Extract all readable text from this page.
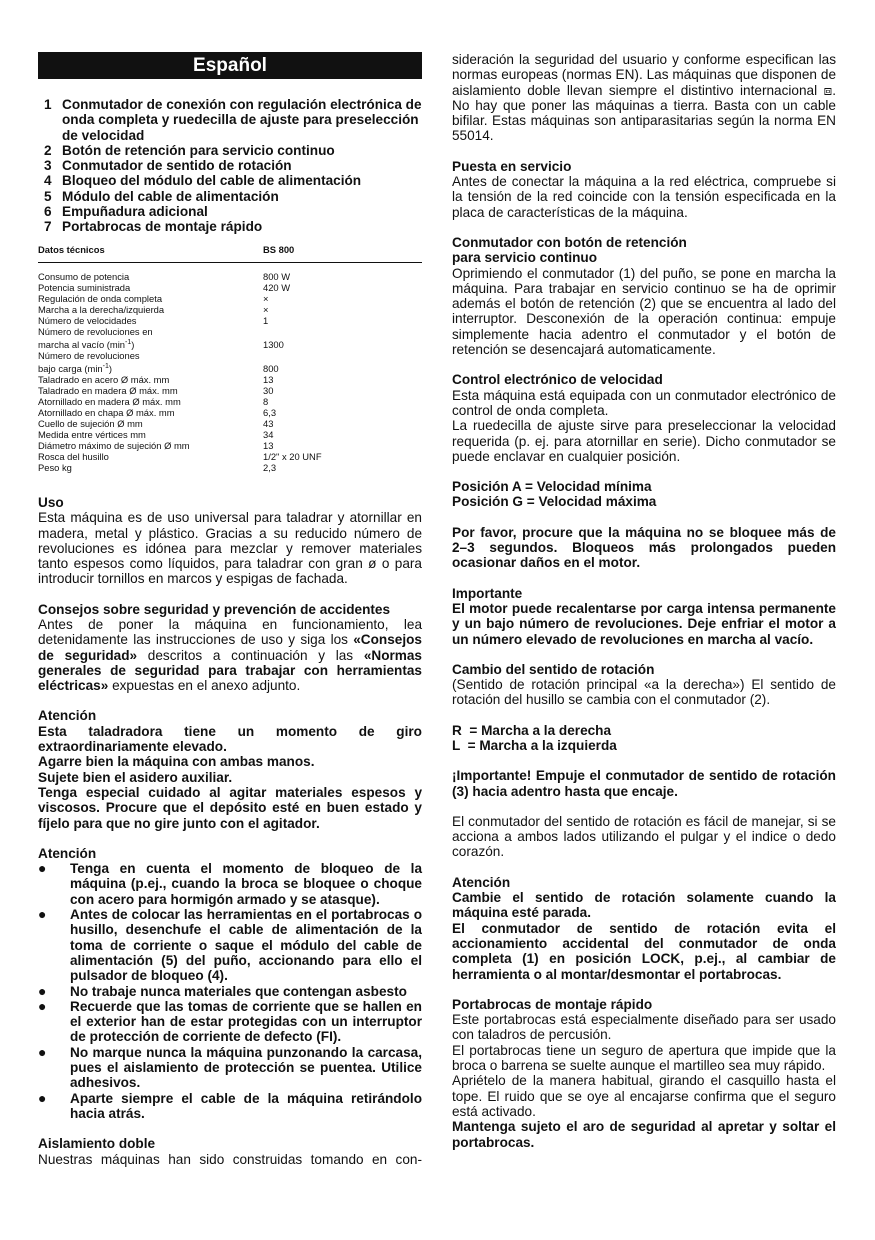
Español
1 Conmutador de conexión con regulación electrónica de onda completa y ruedecilla de ajuste para preselección de velocidad
2 Botón de retención para servicio continuo
3 Conmutador de sentido de rotación
4 Bloqueo del módulo del cable de alimentación
5 Módulo del cable de alimentación
6 Empuñadura adicional
7 Portabrocas de montaje rápido
Datos técnicos	BS 800
Consumo de potencia	800 W
Potencia suministrada	420 W
Regulación de onda completa	×
Marcha a la derecha/izquierda	×
Número de velocidades	1
Número de revoluciones en
marcha al vacío $(\min^{-1})$	1300
Número de revoluciones
bajo carga $(\min^{-1})$	800
Taladrado en acero Ø máx. mm	13
Taladrado en madera Ø máx. mm	30
Atornillado en madera Ø máx. mm	8
Atornillado en chapa Ø máx. mm	6,3
Cuello de sujeción Ø mm	43
Medida entre vértices mm	34
Diámetro máximo de sujeción Ø mm	13
Rosca del husillo	1/2" x 20 UNF
Peso kg	2,3
Uso

Esta máquina es de uso universal para taladrar y atornillar en madera, metal y plástico. Gracias a su reducido número de revoluciones es idónea para mezclar y remover materiales tanto espesos como líquidos, para taladrar con gran ø o para introducir tornillos en marcos y espigas de fachada.

Consejos sobre seguridad y prevención de accidentes

Antes de poner la máquina en funcionamiento, lea detenidamente las instrucciones de uso y siga los «Consejos de seguridad» descritos a continuación y las «Normas generales de seguridad para trabajar con herramientas eléctricas» expuestas en el anexo adjunto.

Atención

Esta taladradora tiene un momento de giro extraordinariamente elevado.

Agarre bien la máquina con ambas manos.

Sujete bien el asidero auxiliar.

Tenga especial cuidado al agitar materiales espesos y viscosos. Procure que el depósito esté en buen estado y fíjelo para que no gire junto con el agitador.

Atención
●	Tenga en cuenta el momento de bloqueo de la máquina (p.ej., cuando la broca se bloquee o choque con acero para hormigón armado y se atasque).
●	Antes de colocar las herramientas en el portabrocas o husillo, desenchufe el cable de alimentación de la toma de corriente o saque el módulo del cable de alimentación (5) del puño, accionando para ello el pulsador de bloqueo (4).
●	No trabaje nunca materiales que contengan asbesto
●	Recuerde que las tomas de corriente que se hallen en el exterior han de estar protegidas con un interruptor de protección de corriente de defecto (FI).
●	No marque nunca la máquina punzonando la carcasa, pues el aislamiento de protección se puentea. Utilice adhesivos.
●	Aparte siempre el cable de la máquina retirándolo hacia atrás.
Aislamiento doble

Nuestras máquinas han sido construidas tomando en con-

sideración la seguridad del usuario y conforme especifican las normas europeas (normas EN). Las máquinas que disponen de aislamiento doble llevan siempre el distintivo internacional ⧈. No hay que poner las máquinas a tierra. Basta con un cable bifilar. Estas máquinas son antiparasitarias según la norma EN 55014.

Puesta en servicio

Antes de conectar la máquina a la red eléctrica, compruebe si la tensión de la red coincide con la tensión especificada en la placa de características de la máquina.

Conmutador con botón de retención
para servicio continuo

Oprimiendo el conmutador (1) del puño, se pone en marcha la máquina. Para trabajar en servicio continuo se ha de oprimir además el botón de retención (2) que se encuentra al lado del interruptor. Desconexión de la operación continua: empuje simplemente hacia adentro el conmutador y el botón de retención se desencajará automaticamente.

Control electrónico de velocidad

Esta máquina está equipada con un conmutador electrónico de control de onda completa.

La ruedecilla de ajuste sirve para preseleccionar la velocidad requerida (p. ej. para atornillar en serie). Dicho conmutador se puede enclavar en cualquier posición.

Posición A = Velocidad mínima

Posición G = Velocidad máxima

Por favor, procure que la máquina no se bloquee más de 2–3 segundos. Bloqueos más prolongados pueden ocasionar daños en el motor.

Importante

El motor puede recalentarse por carga intensa permanente y un bajo número de revoluciones. Deje enfriar el motor a un número elevado de revoluciones en marcha al vacío.

Cambio del sentido de rotación

(Sentido de rotación principal «a la derecha») El sentido de rotación del husillo se cambia con el conmutador (2).

R  = Marcha a la derecha

L  = Marcha a la izquierda

¡Importante! Empuje el conmutador de sentido de rotación (3) hacia adentro hasta que encaje.

El conmutador del sentido de rotación es fácil de manejar, si se acciona a ambos lados utilizando el pulgar y el indice o dedo corazón.

Atención

Cambie el sentido de rotación solamente cuando la máquina esté parada.

El conmutador de sentido de rotación evita el accionamiento accidental del conmutador de onda completa (1) en posición LOCK, p.ej., al cambiar de herramienta o al montar/desmontar el portabrocas.

Portabrocas de montaje rápido

Este portabrocas está especialmente diseñado para ser usado con taladros de percusión.

El portabrocas tiene un seguro de apertura que impide que la broca o barrena se suelte aunque el martilleo sea muy rápido.

Apriételo de la manera habitual, girando el casquillo hasta el tope. El ruido que se oye al encajarse confirma que el seguro está activado.

Mantenga sujeto el aro de seguridad al apretar y soltar el portabrocas.
